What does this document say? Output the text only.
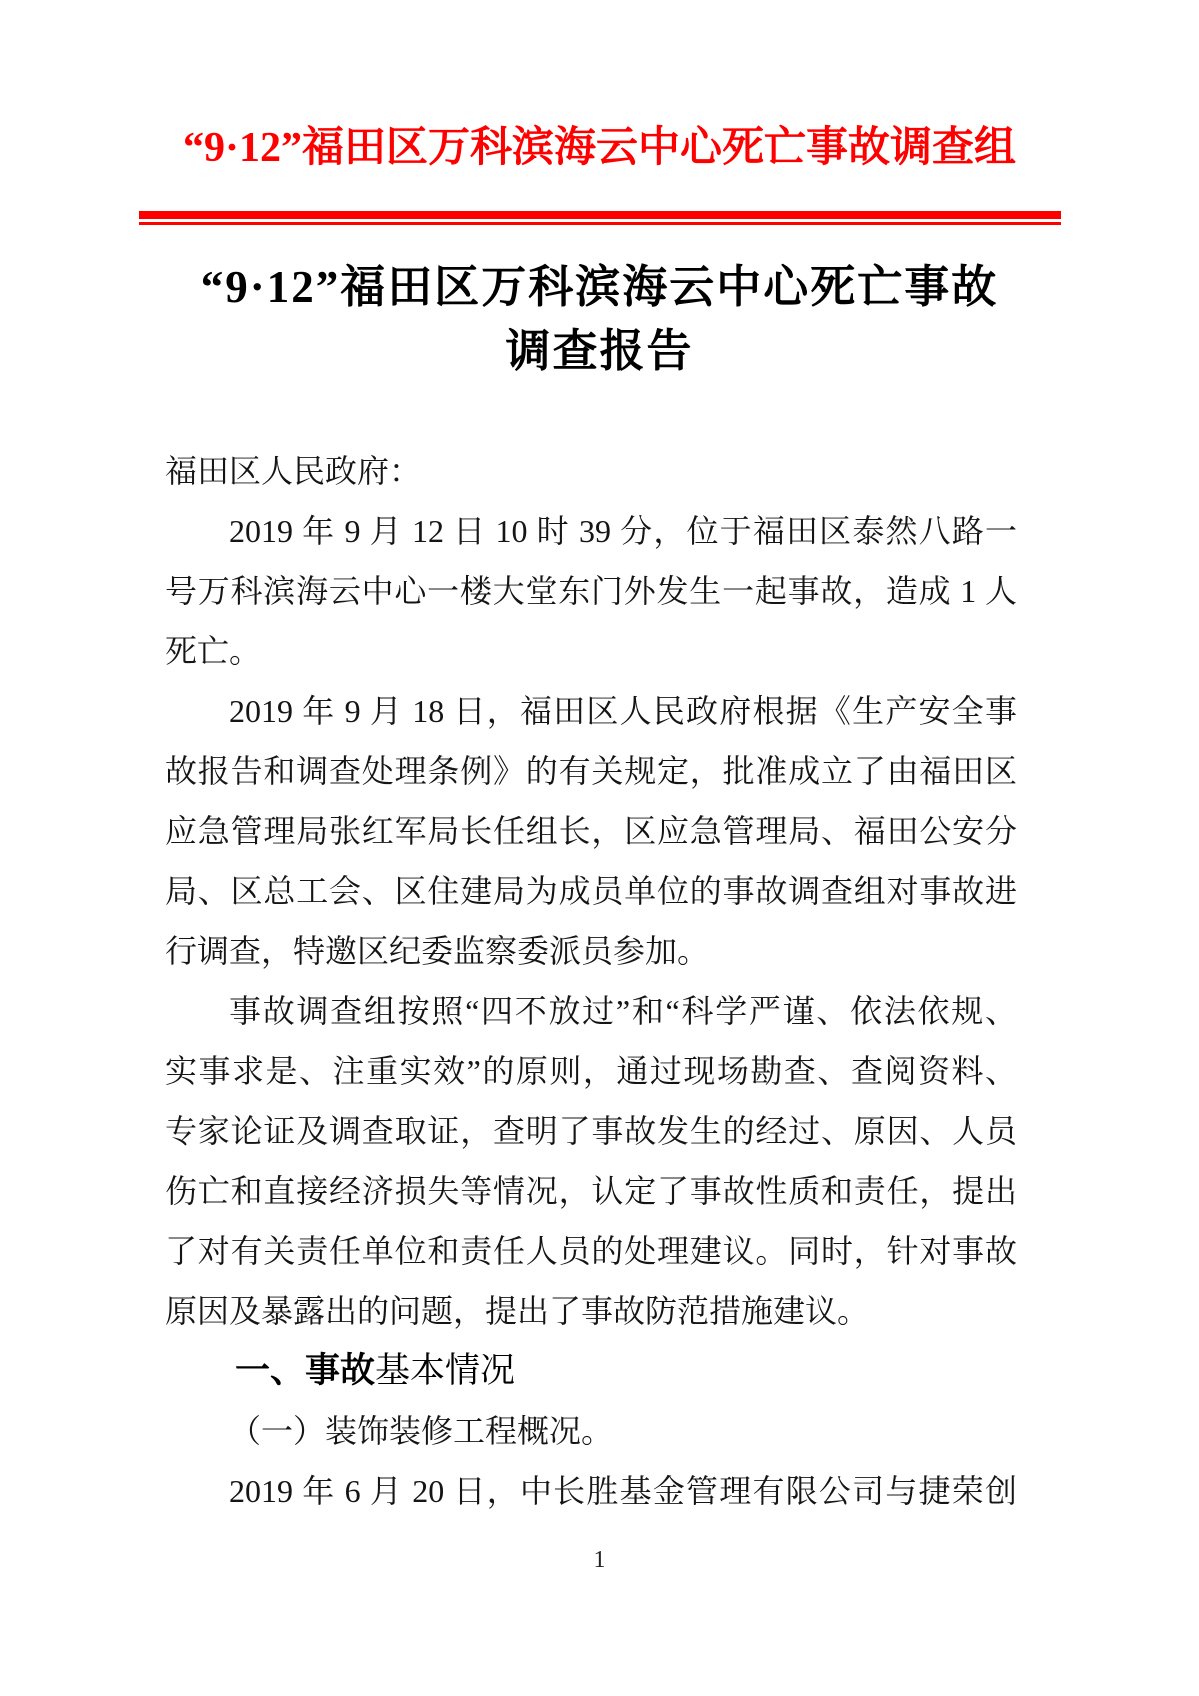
“9·12”福田区万科滨海云中心死亡事故调查组
“9·12”福田区万科滨海云中心死亡事故
调查报告
福田区人民政府：
2019 年 9 月 12 日 10 时 39 分，位于福田区泰然八路一
号万科滨海云中心一楼大堂东门外发生一起事故，造成 1 人
死亡。
2019 年 9 月 18 日，福田区人民政府根据《生产安全事
故报告和调查处理条例》的有关规定，批准成立了由福田区
应急管理局张红军局长任组长，区应急管理局、福田公安分
局、区总工会、区住建局为成员单位的事故调查组对事故进
行调查，特邀区纪委监察委派员参加。
事故调查组按照“四不放过”和“科学严谨、依法依规、
实事求是、注重实效”的原则，通过现场勘查、查阅资料、
专家论证及调查取证，查明了事故发生的经过、原因、人员
伤亡和直接经济损失等情况，认定了事故性质和责任，提出
了对有关责任单位和责任人员的处理建议。同时，针对事故
原因及暴露出的问题，提出了事故防范措施建议。
一、事故基本情况
（一）装饰装修工程概况。
2019 年 6 月 20 日，中长胜基金管理有限公司与捷荣创
1
